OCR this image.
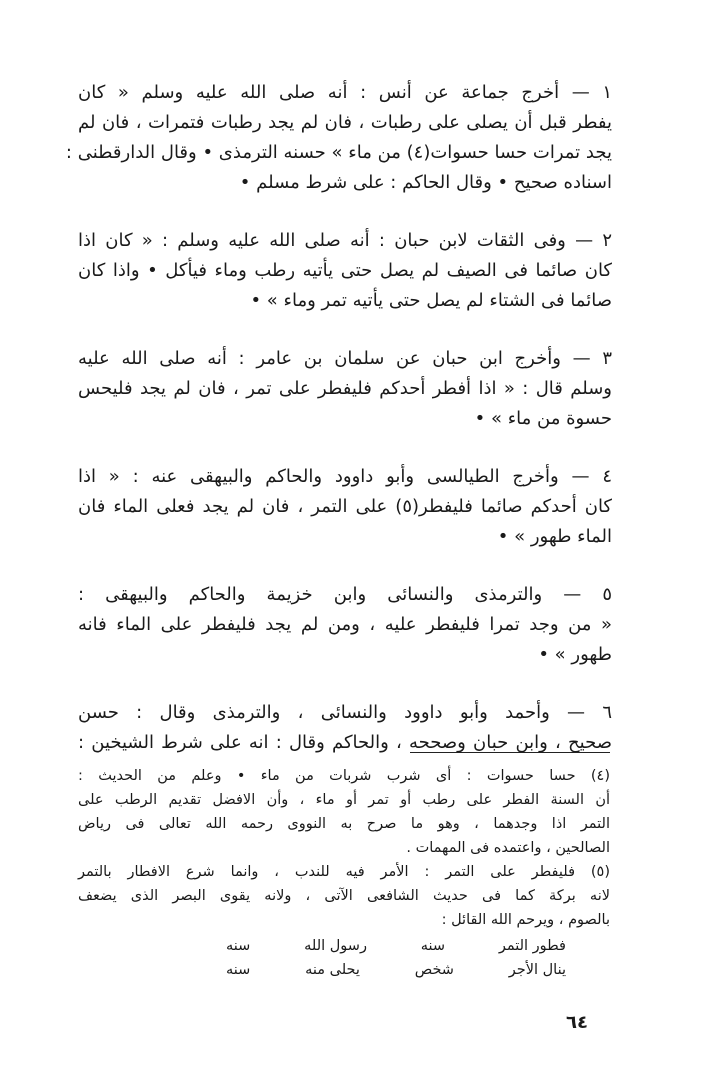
١ — أخرج جماعة عن أنس : أنه صلى الله عليه وسلم « كان
يفطر قبل أن يصلى على رطبات ، فان لم يجد رطبات فتمرات ، فان لم
يجد تمرات حسا حسوات(٤) من ماء » حسنه الترمذى • وقال الدارقطنى :
اسناده صحيح • وقال الحاكم : على شرط مسلم •
٢ — وفى الثقات لابن حبان : أنه صلى الله عليه وسلم : « كان اذا
كان صائما فى الصيف لم يصل حتى يأتيه رطب وماء فيأكل • واذا كان
صائما فى الشتاء لم يصل حتى يأتيه تمر وماء » •
٣ — وأخرج ابن حبان عن سلمان بن عامر : أنه صلى الله عليه
وسلم قال : « اذا أفطر أحدكم فليفطر على تمر ، فان لم يجد فليحس
حسوة من ماء » •
٤ — وأخرج الطيالسى وأبو داوود والحاكم والبيهقى عنه : « اذا
كان أحدكم صائما فليفطر(٥) على التمر ، فان لم يجد فعلى الماء فان
الماء طهور » •
٥ — والترمذى والنسائى وابن خزيمة والحاكم والبيهقى :
« من وجد تمرا فليفطر عليه ، ومن لم يجد فليفطر على الماء فانه
طهور » •
٦ — وأحمد وأبو داوود والنسائى ، والترمذى وقال : حسن
صحيح ، وابن حبان وصححه ، والحاكم وقال : انه على شرط الشيخين :
(٤) حسا حسوات : أى شرب شربات من ماء • وعلم من الحديث :
أن السنة الفطر على رطب أو تمر أو ماء ، وأن الافضل تقديم الرطب على
التمر اذا وجدهما ، وهو ما صرح به النووى رحمه الله تعالى فى رياض
الصالحين ، واعتمده فى المهمات .
(٥) فليفطر على التمر : الأمر فيه للندب ، وانما شرع الافطار بالتمر
لانه بركة كما فى حديث الشافعى الآتى ، ولانه يقوى البصر الذى يضعف
بالصوم ، ويرحم الله القائل :
فطور التمر
سنه
رسول الله
سنه
ينال الأجر
شخص
يحلى منه
سنه
٦٤
